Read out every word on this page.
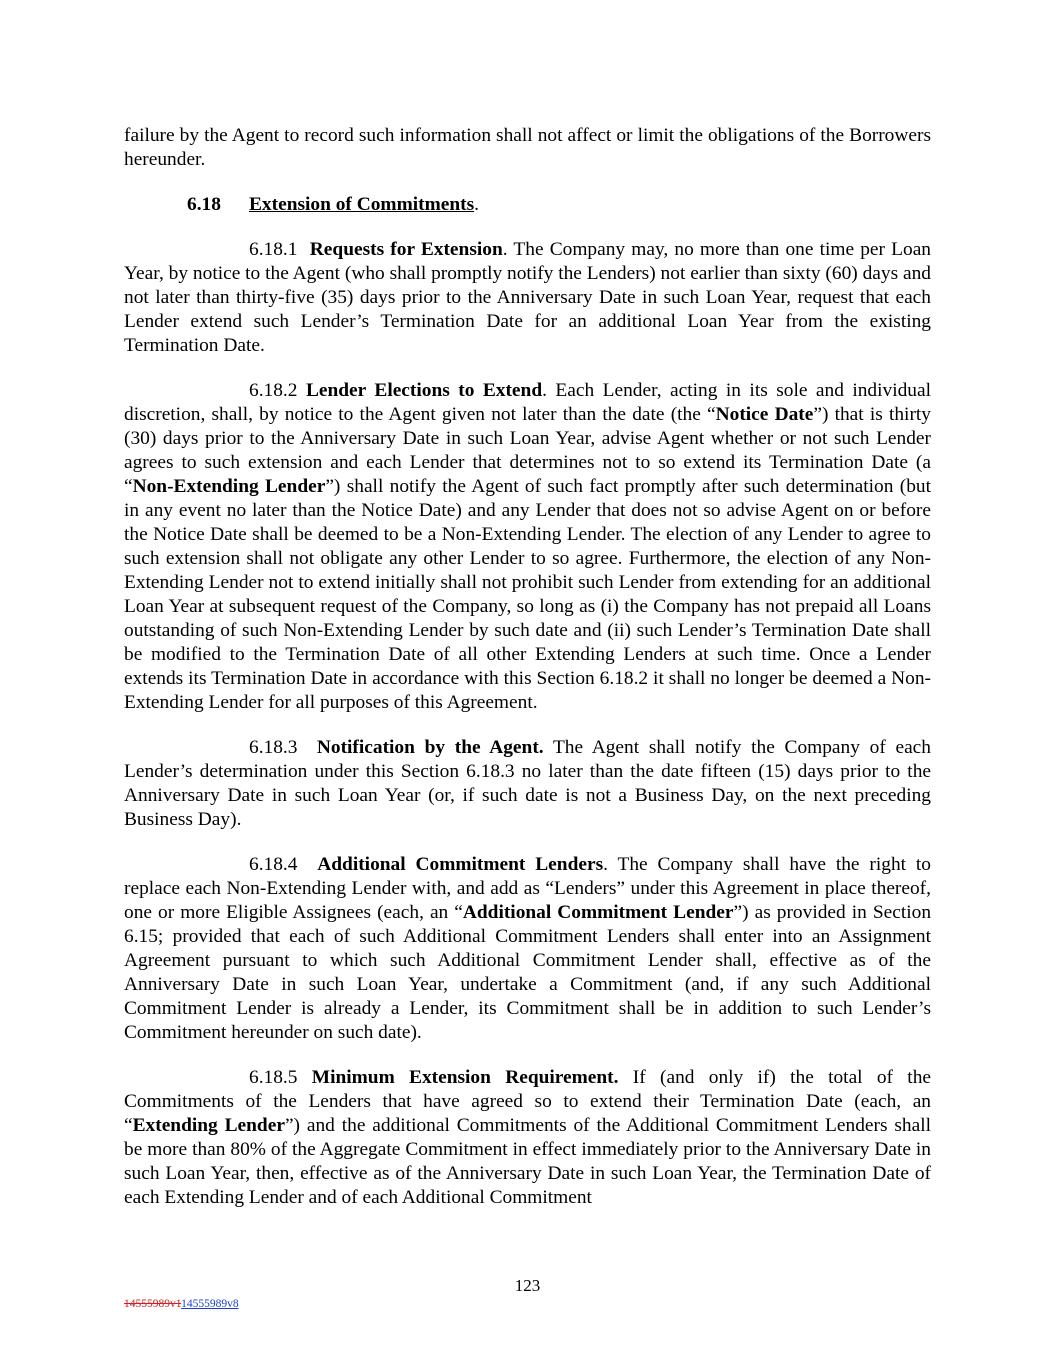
failure by the Agent to record such information shall not affect or limit the obligations of the Borrowers hereunder.

6.18 Extension of Commitments.

6.18.1 Requests for Extension. The Company may, no more than one time per Loan Year, by notice to the Agent (who shall promptly notify the Lenders) not earlier than sixty (60) days and not later than thirty-five (35) days prior to the Anniversary Date in such Loan Year, request that each Lender extend such Lender’s Termination Date for an additional Loan Year from the existing Termination Date.

6.18.2 Lender Elections to Extend. Each Lender, acting in its sole and individual discretion, shall, by notice to the Agent given not later than the date (the “Notice Date”) that is thirty (30) days prior to the Anniversary Date in such Loan Year, advise Agent whether or not such Lender agrees to such extension and each Lender that determines not to so extend its Termination Date (a “Non-Extending Lender”) shall notify the Agent of such fact promptly after such determination (but in any event no later than the Notice Date) and any Lender that does not so advise Agent on or before the Notice Date shall be deemed to be a Non-Extending Lender. The election of any Lender to agree to such extension shall not obligate any other Lender to so agree. Furthermore, the election of any Non-Extending Lender not to extend initially shall not prohibit such Lender from extending for an additional Loan Year at subsequent request of the Company, so long as (i) the Company has not prepaid all Loans outstanding of such Non-Extending Lender by such date and (ii) such Lender’s Termination Date shall be modified to the Termination Date of all other Extending Lenders at such time. Once a Lender extends its Termination Date in accordance with this Section 6.18.2 it shall no longer be deemed a Non-Extending Lender for all purposes of this Agreement.

6.18.3 Notification by the Agent. The Agent shall notify the Company of each Lender’s determination under this Section 6.18.3 no later than the date fifteen (15) days prior to the Anniversary Date in such Loan Year (or, if such date is not a Business Day, on the next preceding Business Day).

6.18.4 Additional Commitment Lenders. The Company shall have the right to replace each Non-Extending Lender with, and add as “Lenders” under this Agreement in place thereof, one or more Eligible Assignees (each, an “Additional Commitment Lender”) as provided in Section 6.15; provided that each of such Additional Commitment Lenders shall enter into an Assignment Agreement pursuant to which such Additional Commitment Lender shall, effective as of the Anniversary Date in such Loan Year, undertake a Commitment (and, if any such Additional Commitment Lender is already a Lender, its Commitment shall be in addition to such Lender’s Commitment hereunder on such date).

6.18.5 Minimum Extension Requirement. If (and only if) the total of the Commitments of the Lenders that have agreed so to extend their Termination Date (each, an “Extending Lender”) and the additional Commitments of the Additional Commitment Lenders shall be more than 80% of the Aggregate Commitment in effect immediately prior to the Anniversary Date in such Loan Year, then, effective as of the Anniversary Date in such Loan Year, the Termination Date of each Extending Lender and of each Additional Commitment

123
14555989v114555989v8
